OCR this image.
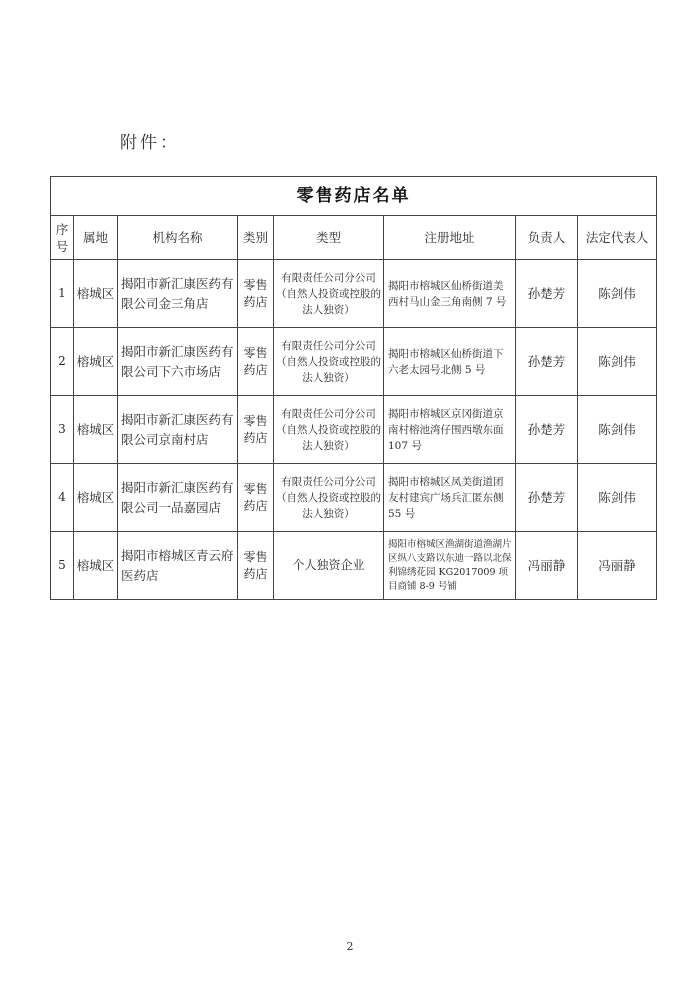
附件：
零售药店名单							
序号	属地	机构名称	类别	类型	注册地址	负责人	法定代表人
1	榕城区	揭阳市新汇康医药有限公司金三角店	零售药店	有限责任公司分公司（自然人投资或控股的法人独资）	揭阳市榕城区仙桥街道美西村马山金三角南侧 7 号	孙楚芳	陈剑伟
2	榕城区	揭阳市新汇康医药有限公司下六市场店	零售药店	有限责任公司分公司（自然人投资或控股的法人独资）	揭阳市榕城区仙桥街道下六老太园号北侧 5 号	孙楚芳	陈剑伟
3	榕城区	揭阳市新汇康医药有限公司京南村店	零售药店	有限责任公司分公司（自然人投资或控股的法人独资）	揭阳市榕城区京冈街道京南村榕池湾仔围西墩东面 107 号	孙楚芳	陈剑伟
4	榕城区	揭阳市新汇康医药有限公司一品嘉园店	零售药店	有限责任公司分公司（自然人投资或控股的法人独资）	揭阳市榕城区凤美街道团友村建宾广场兵汇匿东侧 55 号	孙楚芳	陈剑伟
5	榕城区	揭阳市榕城区青云府医药店	零售药店	个人独资企业	揭阳市榕城区渔湖街道渔湖片区纵八支路以东迪一路以北保利锦绣花园 KG2017009 项目商铺 8-9 号铺	冯丽静	冯丽静
2
